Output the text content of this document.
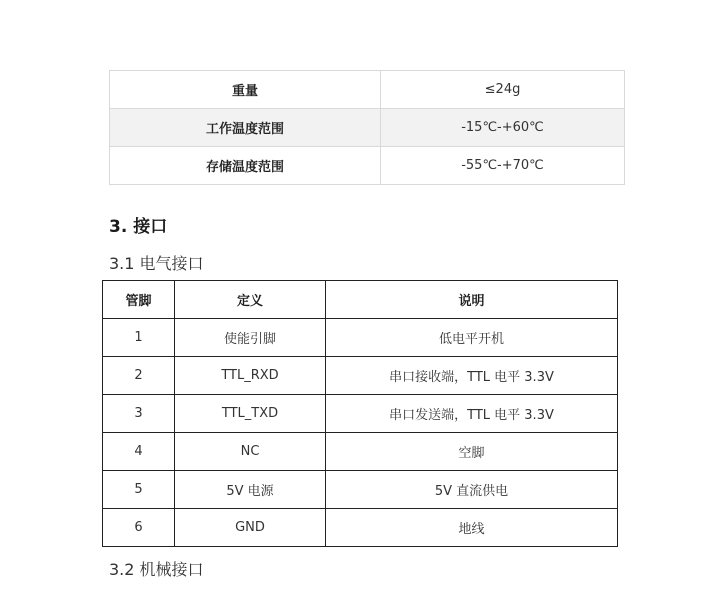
重量	≤24g
工作温度范围	-15℃-+60℃
存储温度范围	-55℃-+70℃
3. 接口
3.1 电气接口
管脚	定义	说明
1	使能引脚	低电平开机
2	TTL_RXD	串口接收端，TTL 电平 3.3V
3	TTL_TXD	串口发送端，TTL 电平 3.3V
4	NC	空脚
5	5V 电源	5V 直流供电
6	GND	地线
3.2 机械接口
